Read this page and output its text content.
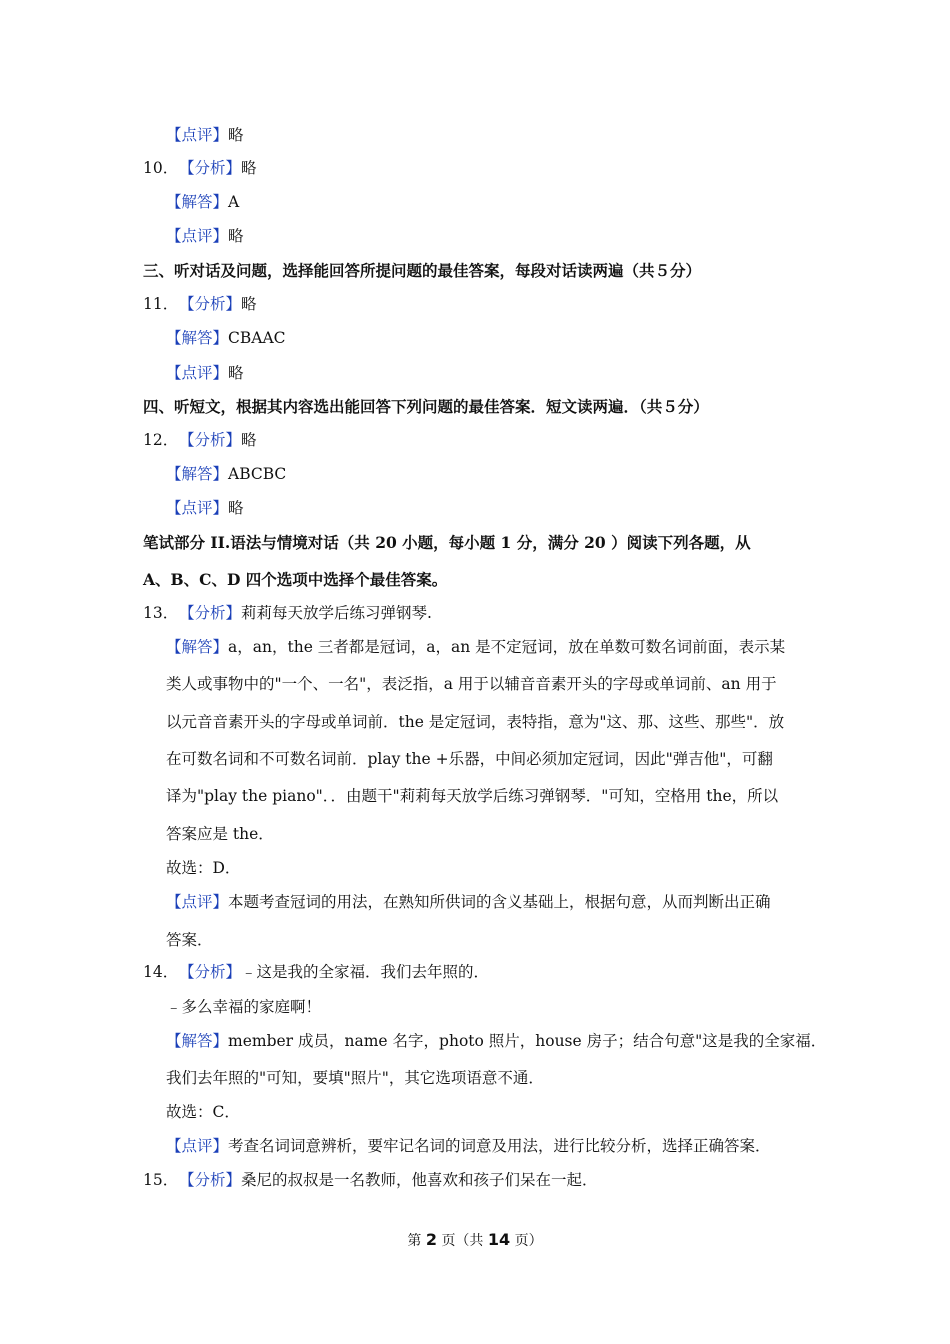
【点评】略
10．【分析】略
【解答】A
【点评】略
三、听对话及问题，选择能回答所提问题的最佳答案，每段对话读两遍（共５分）
11．【分析】略
【解答】CBAAC
【点评】略
四、听短文，根据其内容选出能回答下列问题的最佳答案．短文读两遍．（共５分）
12．【分析】略
【解答】ABCBC
【点评】略
笔试部分 II.语法与情境对话（共 20 小题，每小题 1 分，满分 20 ）阅读下列各题，从
A、B、C、D 四个选项中选择个最佳答案。
13．【分析】莉莉每天放学后练习弹钢琴.
【解答】a，an，the 三者都是冠词，a，an 是不定冠词，放在单数可数名词前面，表示某
类人或事物中的"一个、一名"，表泛指，a 用于以辅音音素开头的字母或单词前、an 用于
以元音音素开头的字母或单词前．the 是定冠词，表特指，意为"这、那、这些、那些"．放
在可数名词和不可数名词前．play the +乐器，中间必须加定冠词，因此"弹吉他"，可翻
译为"play the piano"．．由题干"莉莉每天放学后练习弹钢琴．"可知，空格用 the，所以
答案应是 the．
故选：D．
【点评】本题考查冠词的用法，在熟知所供词的含义基础上，根据句意，从而判断出正确
答案．
14．【分析】﹣这是我的全家福．我们去年照的．
﹣多么幸福的家庭啊！
【解答】member 成员，name 名字，photo 照片，house 房子；结合句意"这是我的全家福．
我们去年照的"可知，要填"照片"，其它选项语意不通．
故选：C．
【点评】考查名词词意辨析，要牢记名词的词意及用法，进行比较分析，选择正确答案．
15．【分析】桑尼的叔叔是一名教师，他喜欢和孩子们呆在一起．
第 2 页（共 14 页）
